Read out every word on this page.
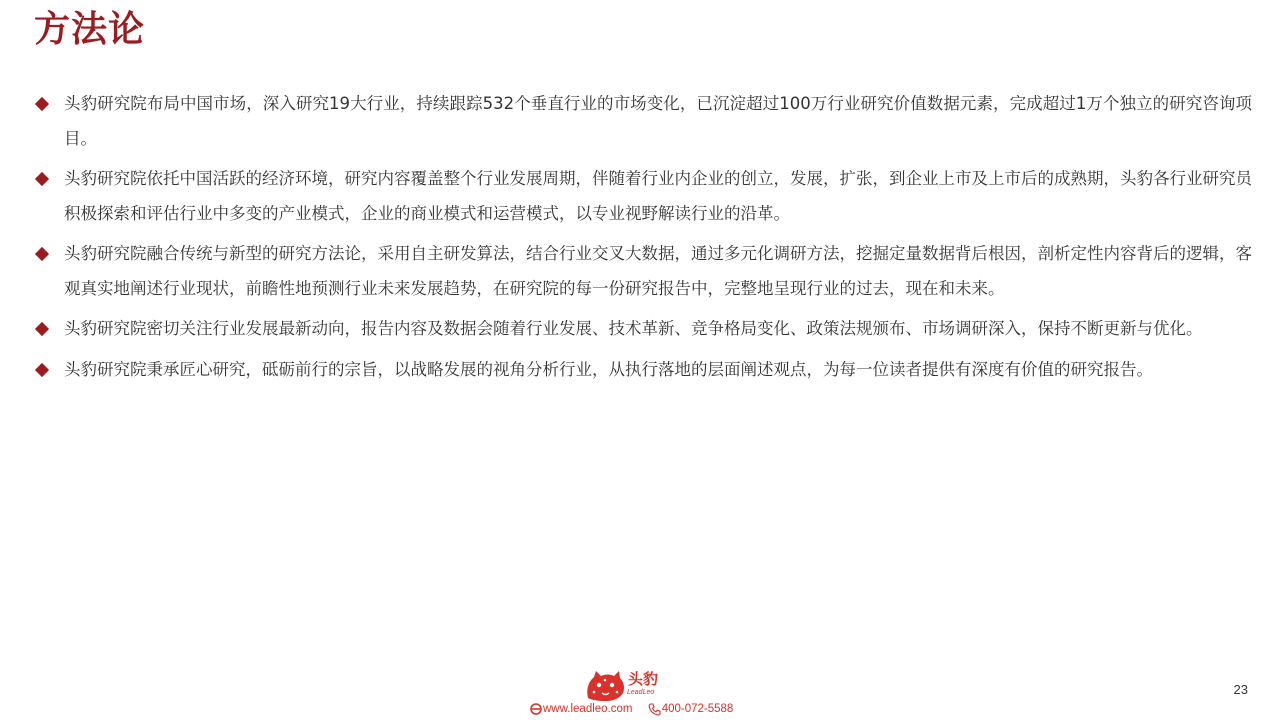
方法论
头豹研究院布局中国市场，深入研究19大行业，持续跟踪532个垂直行业的市场变化，已沉淀超过100万行业研究价值数据元素，完成超过1万个独立的研究咨询项目。
头豹研究院依托中国活跃的经济环境，研究内容覆盖整个行业发展周期，伴随着行业内企业的创立，发展，扩张，到企业上市及上市后的成熟期，头豹各行业研究员积极探索和评估行业中多变的产业模式，企业的商业模式和运营模式，以专业视野解读行业的沿革。
头豹研究院融合传统与新型的研究方法论，采用自主研发算法，结合行业交叉大数据，通过多元化调研方法，挖掘定量数据背后根因，剖析定性内容背后的逻辑，客观真实地阐述行业现状，前瞻性地预测行业未来发展趋势，在研究院的每一份研究报告中，完整地呈现行业的过去，现在和未来。
头豹研究院密切关注行业发展最新动向，报告内容及数据会随着行业发展、技术革新、竞争格局变化、政策法规颁布、市场调研深入，保持不断更新与优化。
头豹研究院秉承匠心研究，砥砺前行的宗旨，以战略发展的视角分析行业，从执行落地的层面阐述观点，为每一位读者提供有深度有价值的研究报告。
头豹
LeadLeo
www.leadleo.com	400-072-5588
23
